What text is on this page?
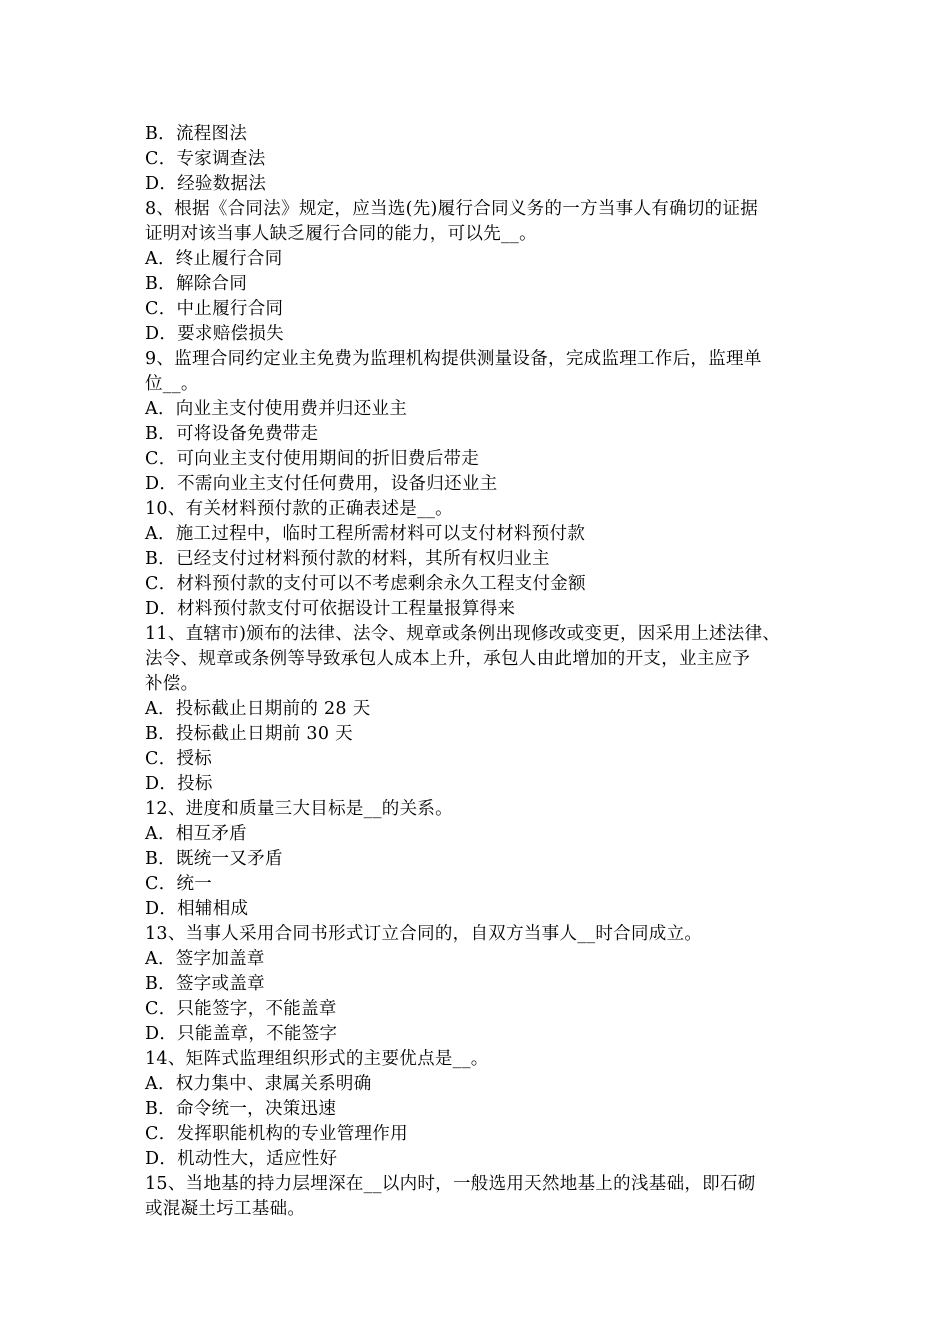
B．流程图法
C．专家调查法
D．经验数据法
8、根据《合同法》规定，应当选(先)履行合同义务的一方当事人有确切的证据
证明对该当事人缺乏履行合同的能力，可以先__。
A．终止履行合同
B．解除合同
C．中止履行合同
D．要求赔偿损失
9、监理合同约定业主免费为监理机构提供测量设备，完成监理工作后，监理单
位__。
A．向业主支付使用费并归还业主
B．可将设备免费带走
C．可向业主支付使用期间的折旧费后带走
D．不需向业主支付任何费用，设备归还业主
10、有关材料预付款的正确表述是__。
A．施工过程中，临时工程所需材料可以支付材料预付款
B．已经支付过材料预付款的材料，其所有权归业主
C．材料预付款的支付可以不考虑剩余永久工程支付金额
D．材料预付款支付可依据设计工程量报算得来
11、直辖市)颁布的法律、法令、规章或条例出现修改或变更，因采用上述法律、
法令、规章或条例等导致承包人成本上升，承包人由此增加的开支，业主应予
补偿。
A．投标截止日期前的 28 天
B．投标截止日期前 30 天
C．授标
D．投标
12、进度和质量三大目标是__的关系。
A．相互矛盾
B．既统一又矛盾
C．统一
D．相辅相成
13、当事人采用合同书形式订立合同的，自双方当事人__时合同成立。
A．签字加盖章
B．签字或盖章
C．只能签字，不能盖章
D．只能盖章，不能签字
14、矩阵式监理组织形式的主要优点是__。
A．权力集中、隶属关系明确
B．命令统一，决策迅速
C．发挥职能机构的专业管理作用
D．机动性大，适应性好
15、当地基的持力层埋深在__以内时，一般选用天然地基上的浅基础，即石砌
或混凝土圬工基础。
